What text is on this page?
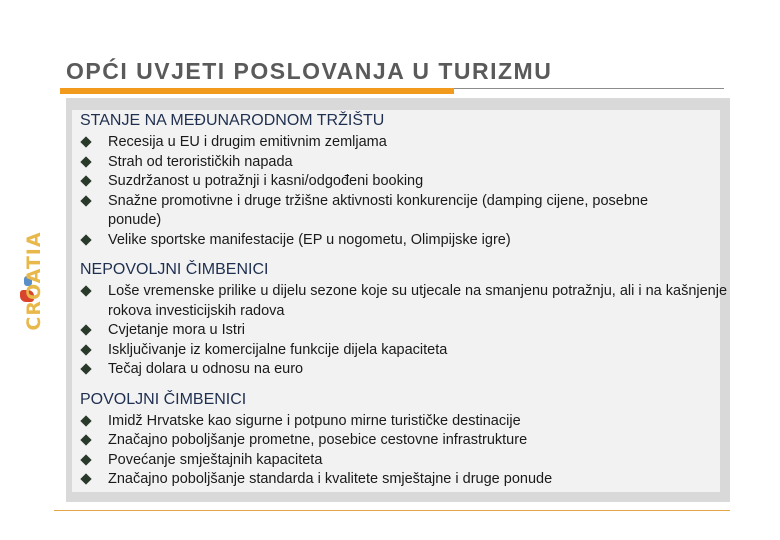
OPĆI UVJETI POSLOVANJA U TURIZMU
CROATIA
STANJE NA MEĐUNARODNOM TRŽIŠTU
Recesija u EU i drugim emitivnim zemljama
Strah od terorističkih napada
Suzdržanost u potražnji i kasni/odgođeni booking
Snažne promotivne i druge tržišne aktivnosti konkurencije (damping cijene, posebne ponude)
Velike sportske manifestacije (EP u nogometu, Olimpijske igre)
NEPOVOLJNI ČIMBENICI
Loše vremenske prilike u dijelu sezone koje su utjecale na smanjenu potražnju, ali i na kašnjenje rokova investicijskih radova
Cvjetanje mora u Istri
Isključivanje iz komercijalne funkcije dijela kapaciteta
Tečaj dolara u odnosu na euro
POVOLJNI ČIMBENICI
Imidž Hrvatske kao sigurne i potpuno mirne turističke destinacije
Značajno poboljšanje prometne, posebice cestovne infrastrukture
Povećanje smještajnih kapaciteta
Značajno poboljšanje standarda i kvalitete smještajne i druge ponude
